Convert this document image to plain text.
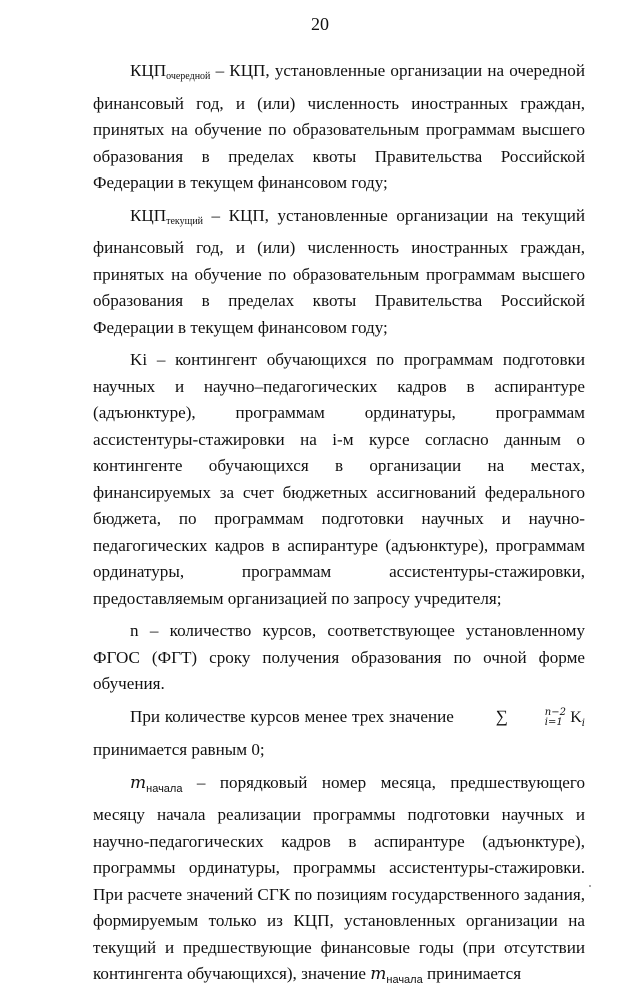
20

$КЦП_{очередной}$ – КЦП, установленные организации на очередной финансовый год, и (или) численность иностранных граждан, принятых на обучение по образовательным программам высшего образования в пределах квоты Правительства Российской Федерации в текущем финансовом году;

$КЦП_{текущий}$ – КЦП, установленные организации на текущий финансовый год, и (или) численность иностранных граждан, принятых на обучение по образовательным программам высшего образования в пределах квоты Правительства Российской Федерации в текущем финансовом году;

Ki – контингент обучающихся по программам подготовки научных и научно–педагогических кадров в аспирантуре (адъюнктуре), программам ординатуры, программам ассистентуры-стажировки на i-м курсе согласно данным о контингенте обучающихся в организации на местах, финансируемых за счет бюджетных ассигнований федерального бюджета, по программам подготовки научных и научно-педагогических кадров в аспирантуре (адъюнктуре), программам ординатуры, программам ассистентуры-стажировки, предоставляемым организацией по запросу учредителя;

n – количество курсов, соответствующее установленному ФГОС (ФГТ) сроку получения образования по очной форме обучения.

При количестве курсов менее трех значение ∑	n−2
i=1 $K_i$ принимается равным 0;

$m_{начала}$ – порядковый номер месяца, предшествующего месяцу начала реализации программы подготовки научных и научно-педагогических кадров в аспирантуре (адъюнктуре), программы ординатуры, программы ассистентуры-стажировки. При расчете значений СГК по позициям государственного задания, формируемым только из КЦП, установленных организации на текущий и предшествующие финансовые годы (при отсутствии контингента обучающихся), значение $m_{начала}$ принимается
